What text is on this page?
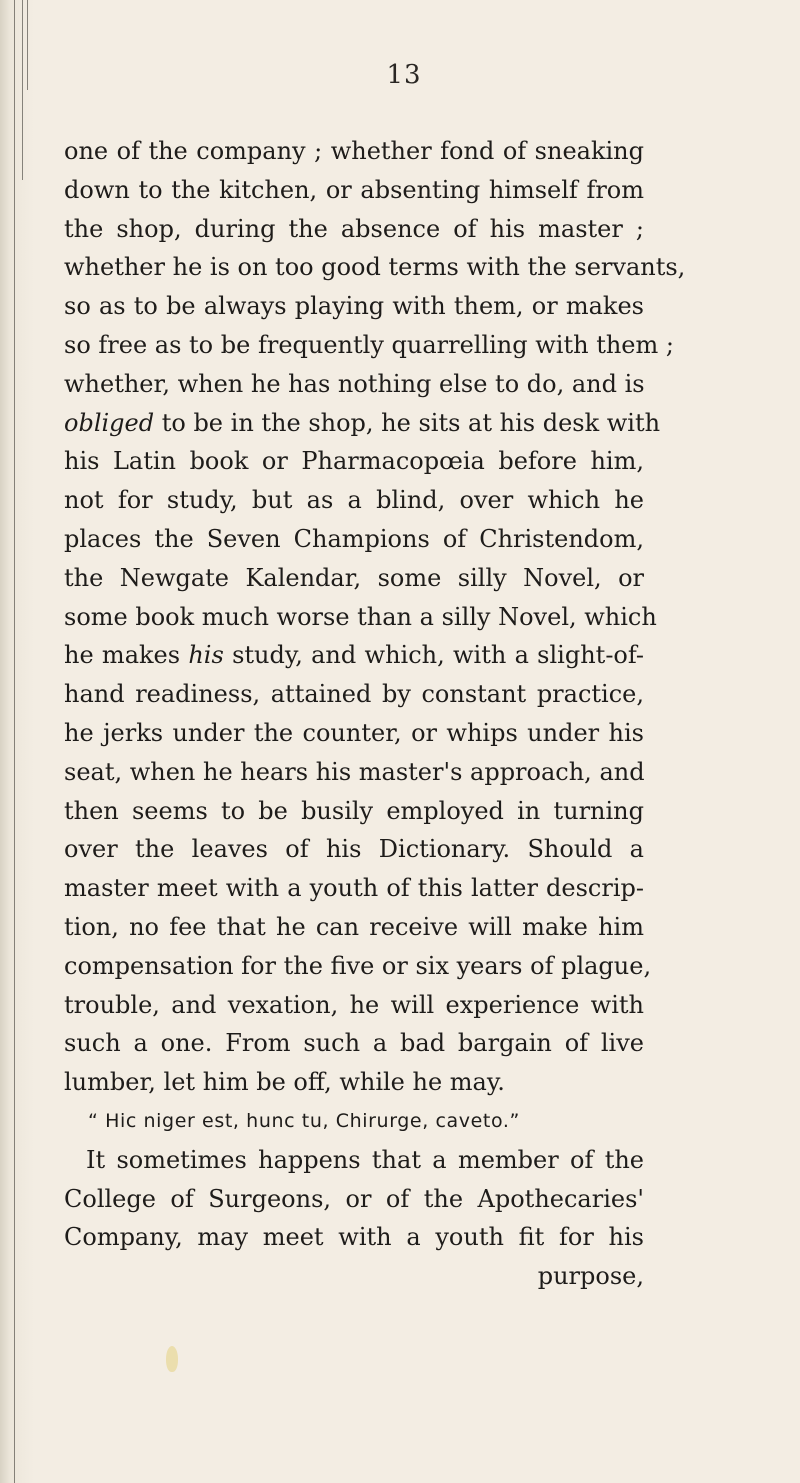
13
one of the company ; whether fond of sneaking
down to the kitchen, or absenting himself from
the shop, during the absence of his master ;
whether he is on too good terms with the servants,
so as to be always playing with them, or makes
so free as to be frequently quarrelling with them ;
whether, when he has nothing else to do, and is
obliged to be in the shop, he sits at his desk with
his Latin book or Pharmacopœia before him,
not for study, but as a blind, over which he
places the Seven Champions of Christendom,
the Newgate Kalendar, some silly Novel, or
some book much worse than a silly Novel, which
he makes his study, and which, with a slight-of-
hand readiness, attained by constant practice,
he jerks under the counter, or whips under his
seat, when he hears his master's approach, and
then seems to be busily employed in turning
over the leaves of his Dictionary. Should a
master meet with a youth of this latter descrip-
tion, no fee that he can receive will make him
compensation for the five or six years of plague,
trouble, and vexation, he will experience with
such a one. From such a bad bargain of live
lumber, let him be off, while he may.
“ Hic niger est, hunc tu, Chirurge, caveto.”
It sometimes happens that a member of the
College of Surgeons, or of the Apothecaries'
Company, may meet with a youth fit for his
purpose,
